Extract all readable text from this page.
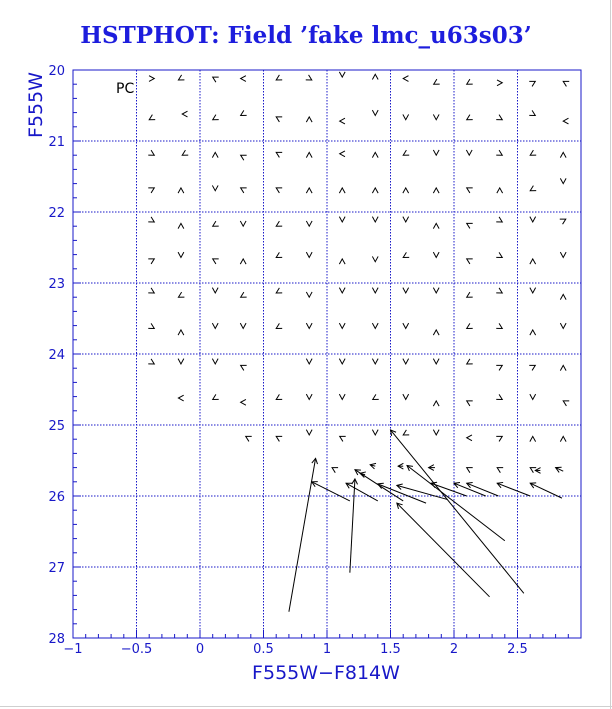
HSTPHOT: Field ’fake lmc_u63s03’
−1	−0.5	0	0.5	1	1.5	2	2.5
20
21
22
23
24
25
26
27
28
PC
F555W−F814W
F555W
